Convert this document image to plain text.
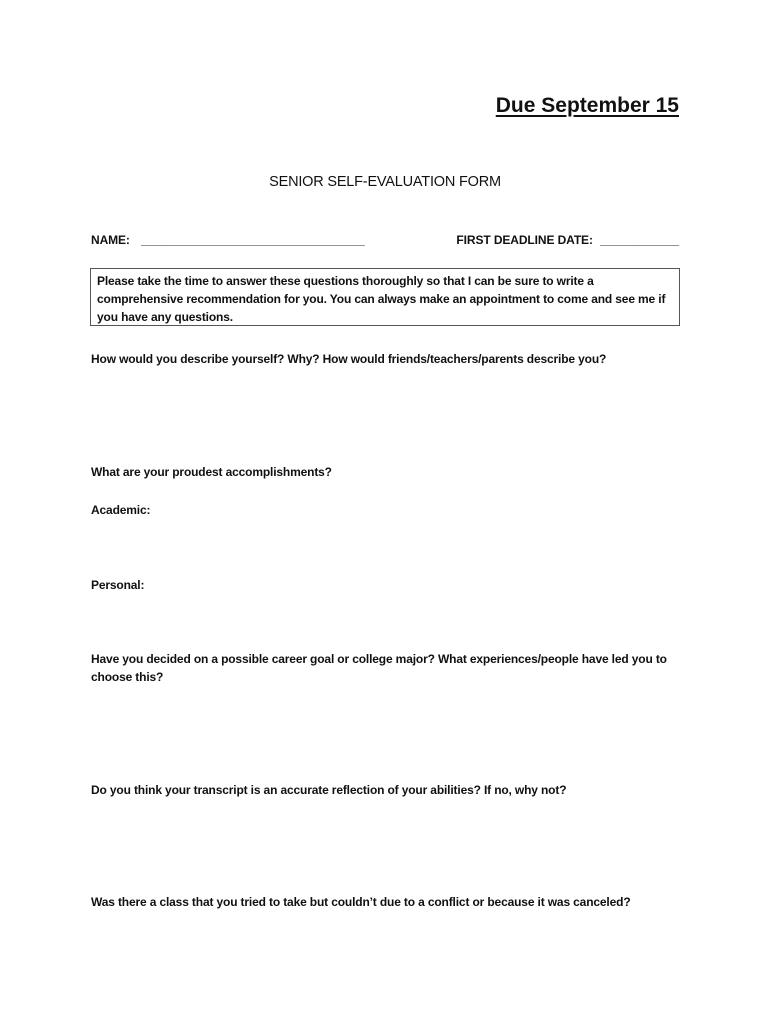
Due September 15
SENIOR SELF-EVALUATION FORM
NAME: __________________________________	FIRST DEADLINE DATE: ____________
Please take the time to answer these questions thoroughly so that I can be sure to write a comprehensive recommendation for you. You can always make an appointment to come and see me if you have any questions.
How would you describe yourself? Why? How would friends/teachers/parents describe you?
What are your proudest accomplishments?
Academic:
Personal:
Have you decided on a possible career goal or college major? What experiences/people have led you to choose this?
Do you think your transcript is an accurate reflection of your abilities? If no, why not?
Was there a class that you tried to take but couldn’t due to a conflict or because it was canceled?
